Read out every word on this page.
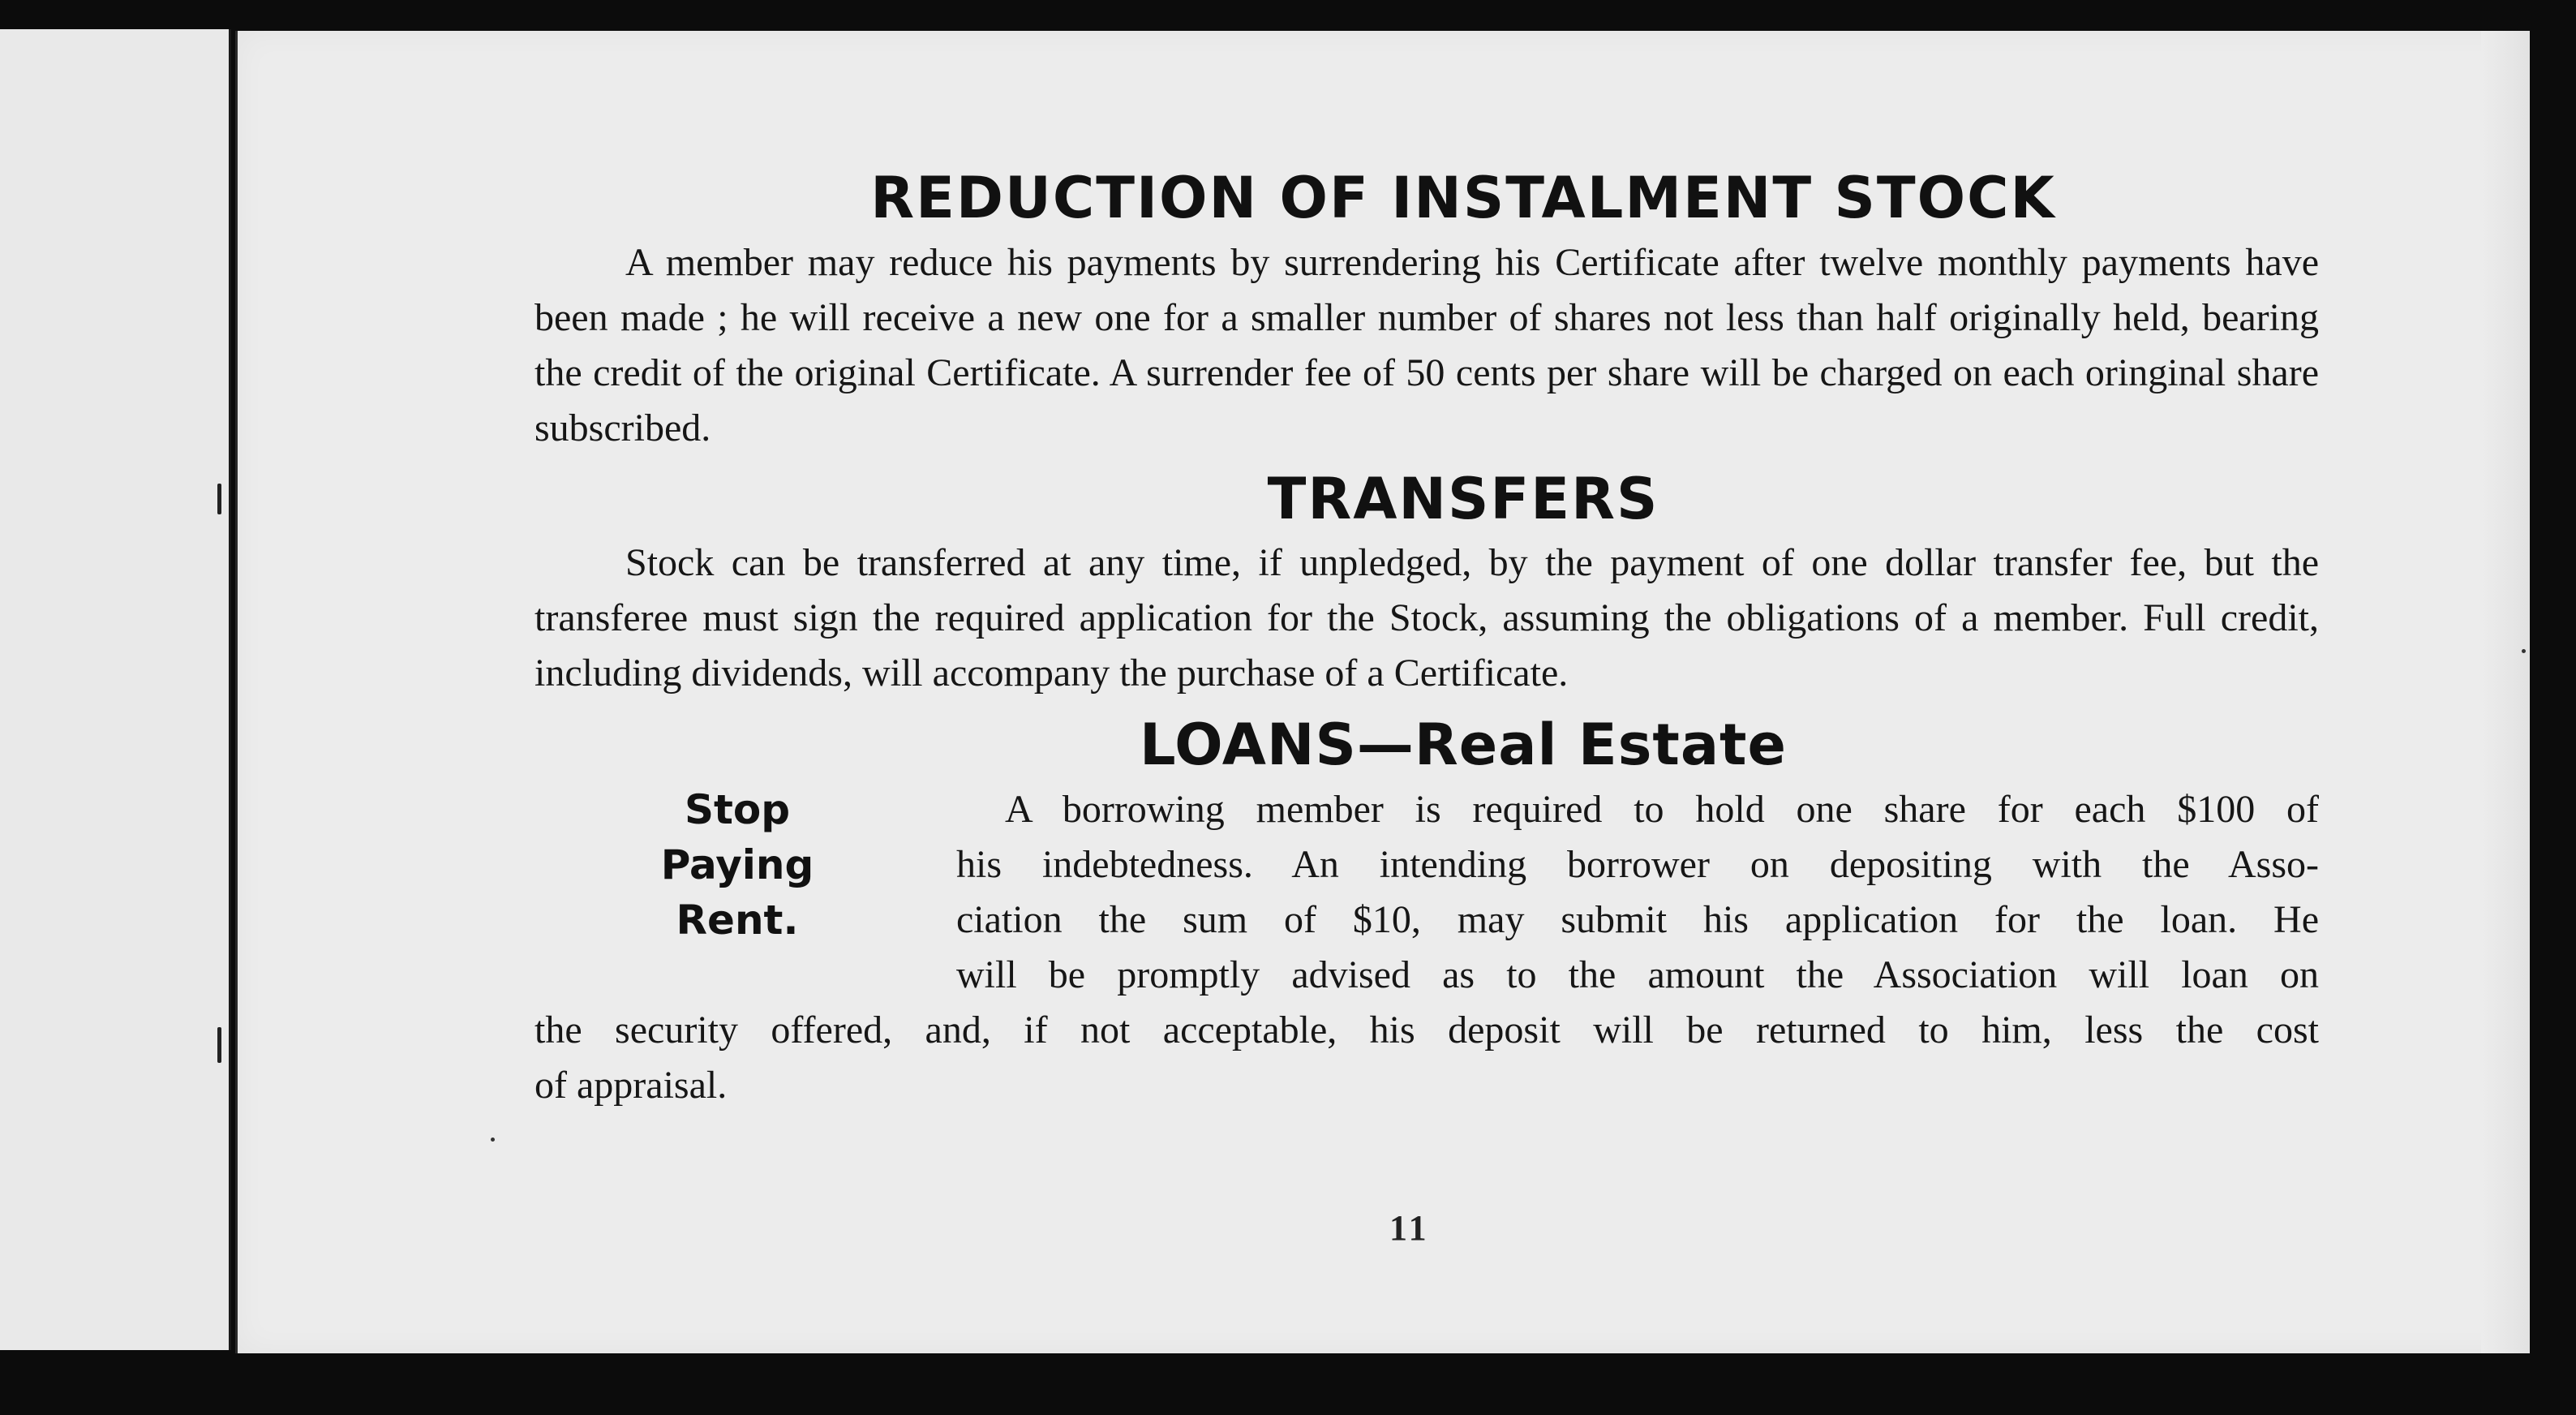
REDUCTION OF INSTALMENT STOCK

A member may reduce his payments by surrendering his Certificate after twelve monthly payments have been made ; he will receive a new one for a smaller number of shares not less than half originally held, bearing the credit of the original Certificate. A surrender fee of 50 cents per share will be charged on each oringinal share subscribed.

TRANSFERS

Stock can be transferred at any time, if unpledged, by the payment of one dollar transfer fee, but the transferee must sign the required application for the Stock, assuming the obligations of a member. Full credit, including dividends, will accompany the purchase of a Certificate.

LOANS—Real Estate
Stop
Paying
Rent.

A borrowing member is required to hold one share for each $100 of
his indebtedness. An intending borrower on depositing with the Asso-
ciation the sum of $10, may submit his application for the loan. He
will be promptly advised as to the amount the Association will loan on
the security offered, and, if not acceptable, his deposit will be returned to him, less the cost
of appraisal.

11
